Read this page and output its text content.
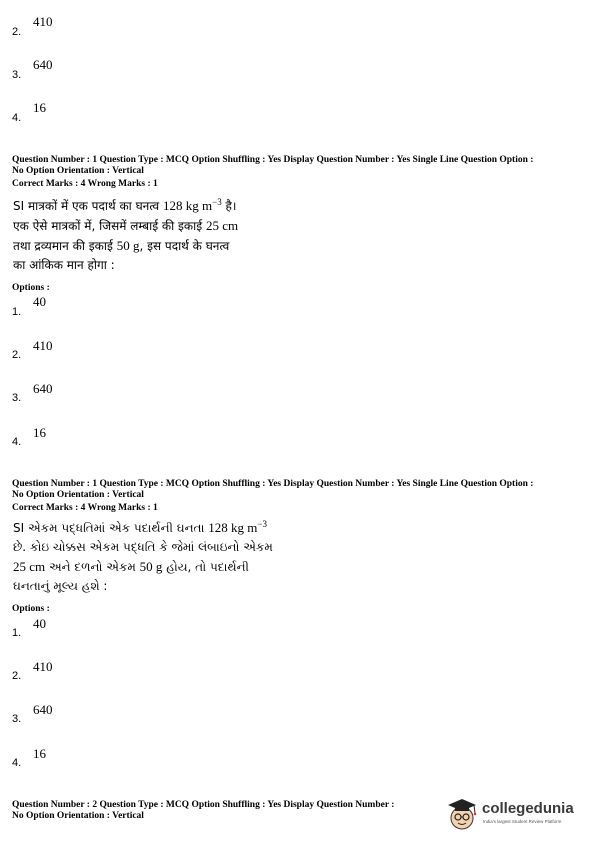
2.
410
3.
640
4.
16
Question Number : 1 Question Type : MCQ Option Shuffling : Yes Display Question Number : Yes Single Line Question Option :
No Option Orientation : Vertical
Correct Marks : 4 Wrong Marks : 1
SI मात्रकों में एक पदार्थ का घनत्व 128 kg $m^{-3}$ है।
एक ऐसे मात्रकों में, जिसमें लम्बाई की इकाई 25 cm
तथा द्रव्यमान की इकाई 50 g, इस पदार्थ के घनत्व
का आंकिक मान होगा :
Options :
40
1.
410
2.
640
3.
16
4.
Question Number : 1 Question Type : MCQ Option Shuffling : Yes Display Question Number : Yes Single Line Question Option :
No Option Orientation : Vertical
Correct Marks : 4 Wrong Marks : 1
SI એકમ પદ્ધતિમાં એક પદાર્થની ઘનતા 128 kg $m^{-3}$
છે. કોઇ ચોક્કસ એકમ પદ્ધતિ કે જેમાં લંબાઇનો એકમ
25 cm અને દળનો એકમ 50 g હોય, તો પદાર્થની
ઘનતાનું મૂલ્ય હશે :
Options :
40
1.
410
2.
640
3.
16
4.
Question Number : 2 Question Type : MCQ Option Shuffling : Yes Display Question Number :
No Option Orientation : Vertical	collegedunia
India's largest Student Review Platform
